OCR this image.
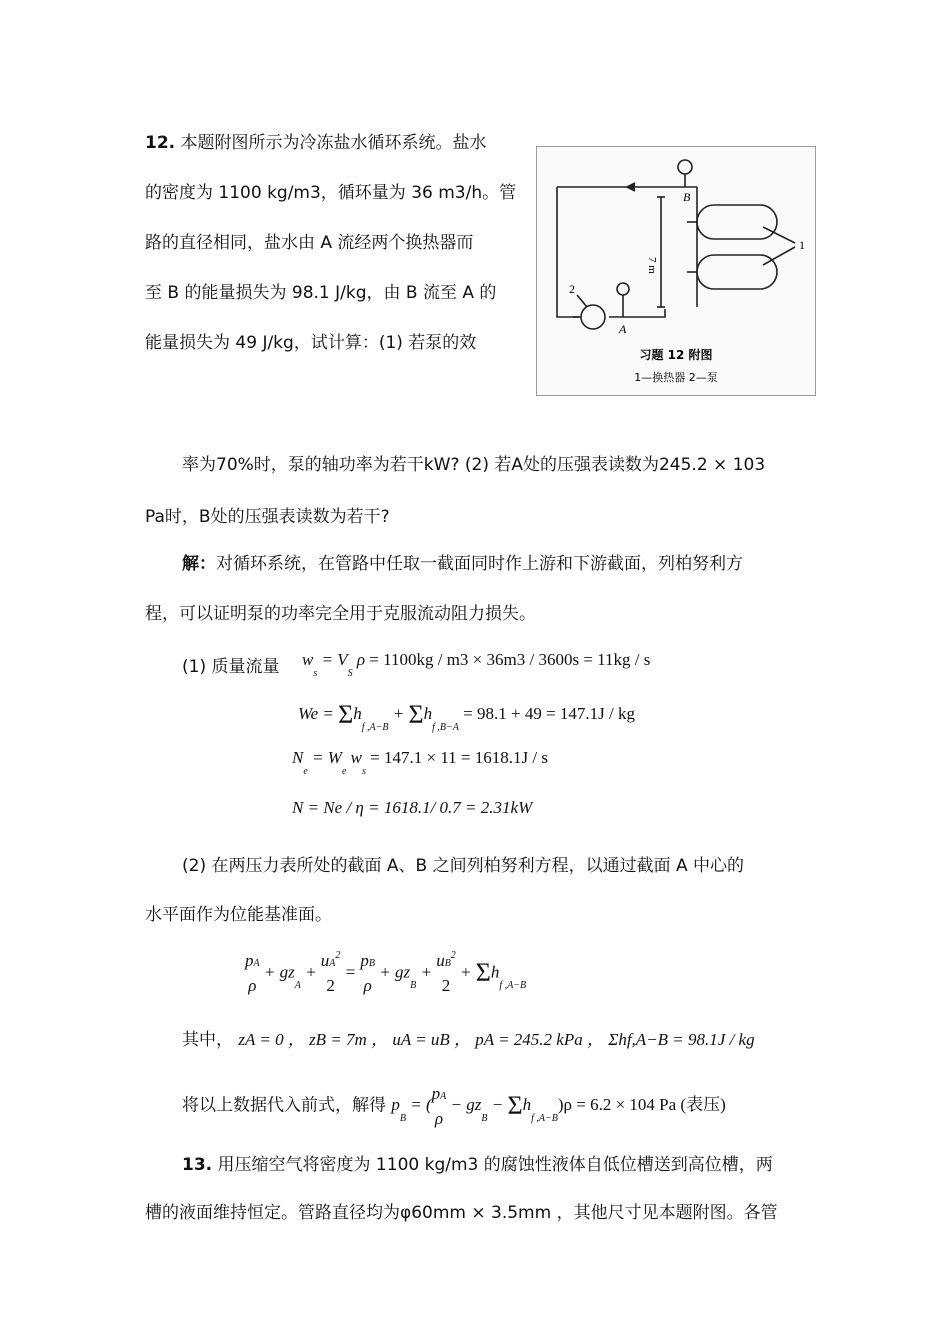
12. 本题附图所示为冷冻盐水循环系统。盐水
的密度为 1100 kg/m3，循环量为 36 m3/h。管
路的直径相同，盐水由 A 流经两个换热器而
至 B 的能量损失为 98.1 J/kg，由 B 流至 A 的
能量损失为 49 J/kg，试计算：(1) 若泵的效
B
A
1
2
7 m
习题 12 附图
1—换热器 2—泵
率为70%时，泵的轴功率为若干kW? (2) 若A处的压强表读数为245.2 × 103
Pa时，B处的压强表读数为若干?
解：对循环系统，在管路中任取一截面同时作上游和下游截面，列柏努利方
程，可以证明泵的功率完全用于克服流动阻力损失。
(1) 质量流量 $w_s = V_S$ ρ = 1100kg / m3 × 36m3 / 3600s = 11kg / s
$We = \Sigma h_{f ,A-B} + \Sigma h_{f ,B-A} = 98.1 + 49 = 147.1J$ / kg
$N_e = W_e$ $w_s = 147.1 \times 11 = 1618.1J / s$
N = Ne / η = 1618.1/ 0.7 = 2.31kW
(2) 在两压力表所处的截面 A、B 之间列柏努利方程，以通过截面 A 中心的
水平面作为位能基准面。
pA
$\rho + gz_A + uA^2$
2 = pB
$\rho + gz_B + uB^2$
$2 + \Sigma h_{f ,A-B}$
其中， zA = 0 ， zB = 7m ， uA = uB ， pA = 245.2 kPa ， Σhf,A−B = 98.1J / kg
将以上数据代入前式，解得 $p_B = (pA$
$\rho - gz_B - \Sigma h_{f ,A-B})\rho = 6.2 \times 104$ Pa (表压)
13. 用压缩空气将密度为 1100 kg/m3 的腐蚀性液体自低位槽送到高位槽，两
槽的液面维持恒定。管路直径均为φ60mm × 3.5mm ，其他尺寸见本题附图。各管
